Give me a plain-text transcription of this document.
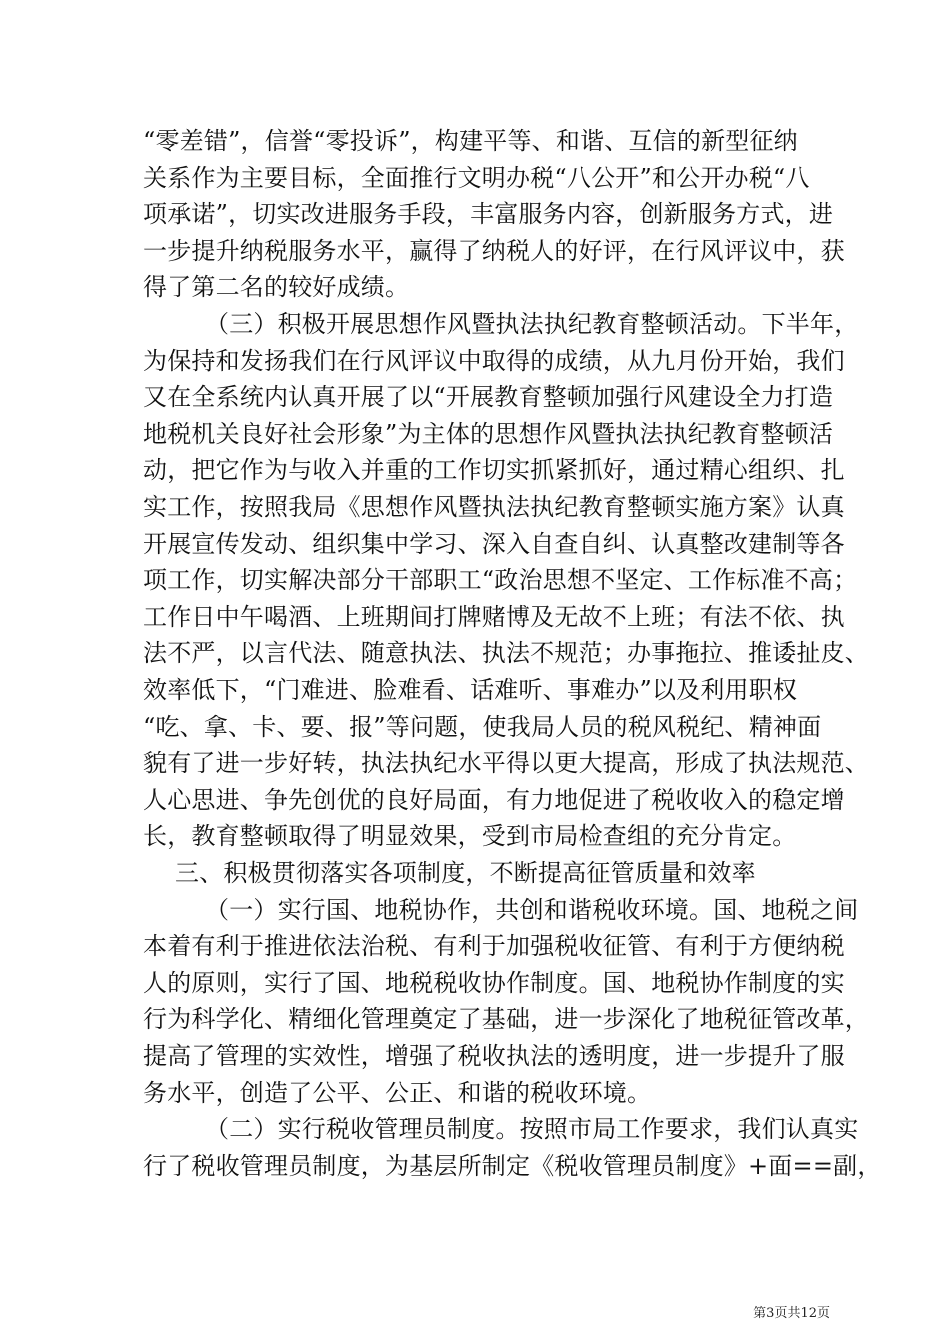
“零差错”，信誉“零投诉”，构建平等、和谐、互信的新型征纳
关系作为主要目标，全面推行文明办税“八公开”和公开办税“八
项承诺”，切实改进服务手段，丰富服务内容，创新服务方式，进
一步提升纳税服务水平，赢得了纳税人的好评，在行风评议中，获
得了第二名的较好成绩。
（三）积极开展思想作风暨执法执纪教育整顿活动。下半年，
为保持和发扬我们在行风评议中取得的成绩，从九月份开始，我们
又在全系统内认真开展了以“开展教育整顿加强行风建设全力打造
地税机关良好社会形象”为主体的思想作风暨执法执纪教育整顿活
动，把它作为与收入并重的工作切实抓紧抓好，通过精心组织、扎
实工作，按照我局《思想作风暨执法执纪教育整顿实施方案》认真
开展宣传发动、组织集中学习、深入自查自纠、认真整改建制等各
项工作，切实解决部分干部职工“政治思想不坚定、工作标准不高；
工作日中午喝酒、上班期间打牌赌博及无故不上班；有法不依、执
法不严，以言代法、随意执法、执法不规范；办事拖拉、推诿扯皮、
效率低下，“门难进、脸难看、话难听、事难办”以及利用职权
“吃、拿、卡、要、报”等问题，使我局人员的税风税纪、精神面
貌有了进一步好转，执法执纪水平得以更大提高，形成了执法规范、
人心思进、争先创优的良好局面，有力地促进了税收收入的稳定增
长，教育整顿取得了明显效果，受到市局检查组的充分肯定。
三、积极贯彻落实各项制度，不断提高征管质量和效率
（一）实行国、地税协作，共创和谐税收环境。国、地税之间
本着有利于推进依法治税、有利于加强税收征管、有利于方便纳税
人的原则，实行了国、地税税收协作制度。国、地税协作制度的实
行为科学化、精细化管理奠定了基础，进一步深化了地税征管改革，
提高了管理的实效性，增强了税收执法的透明度，进一步提升了服
务水平，创造了公平、公正、和谐的税收环境。
（二）实行税收管理员制度。按照市局工作要求，我们认真实
行了税收管理员制度，为基层所制定《税收管理员制度》+面==副，
第3页共12页
